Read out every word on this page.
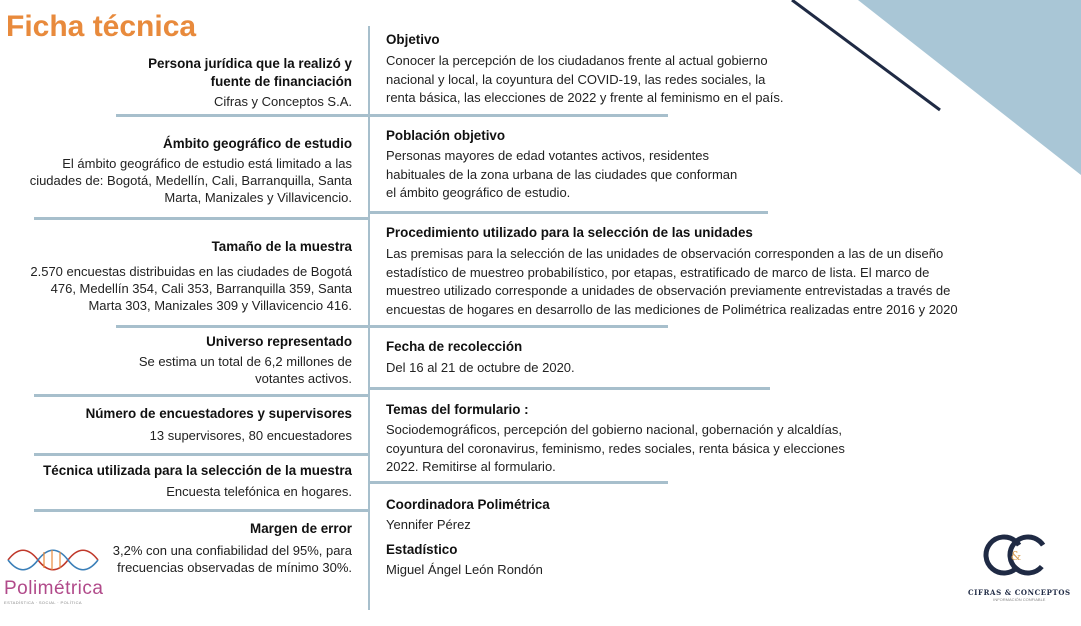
Ficha técnica
Persona jurídica que la realizó y
fuente de financiación
Cifras y Conceptos S.A.
Ámbito geográfico de estudio
El ámbito geográfico de estudio está limitado a las
ciudades de: Bogotá, Medellín, Cali, Barranquilla, Santa
Marta, Manizales y Villavicencio.
Tamaño de la muestra
2.570 encuestas distribuidas en las ciudades de Bogotá
476, Medellín 354, Cali 353, Barranquilla 359, Santa
Marta 303, Manizales 309 y Villavicencio 416.
Universo representado
Se estima un total de 6,2 millones de
votantes activos.
Número de encuestadores y supervisores
13 supervisores, 80 encuestadores
Técnica utilizada para la selección de la muestra
Encuesta telefónica en hogares.
Margen de error
3,2% con una confiabilidad del 95%, para
frecuencias observadas de mínimo 30%.
Objetivo
Conocer la percepción de los ciudadanos frente al actual gobierno
nacional y local, la coyuntura del COVID-19, las redes sociales, la
renta básica, las elecciones de 2022 y frente al feminismo en el país.
Población objetivo
Personas mayores de edad votantes activos, residentes
habituales de la zona urbana de las ciudades que conforman
el ámbito geográfico de estudio.
Procedimiento utilizado para la selección de las unidades
Las premisas para la selección de las unidades de observación corresponden a las de un diseño
estadístico de muestreo probabilístico, por etapas, estratificado de marco de lista. El marco de
muestreo utilizado corresponde a unidades de observación previamente entrevistadas a través de
encuestas de hogares en desarrollo de las mediciones de Polimétrica realizadas entre 2016 y 2020
Fecha de recolección
Del 16 al 21 de octubre de 2020.
Temas del formulario :
Sociodemográficos, percepción del gobierno nacional, gobernación y alcaldías,
coyuntura del coronavirus, feminismo, redes sociales, renta básica y elecciones
2022. Remitirse al formulario.
Coordinadora Polimétrica
Yennifer Pérez
Estadístico
Miguel Ángel León Rondón
Polimétrica
ESTADÍSTICA · SOCIAL · POLÍTICA
&
CIFRAS & CONCEPTOS
INFORMACIÓN CONFIABLE
